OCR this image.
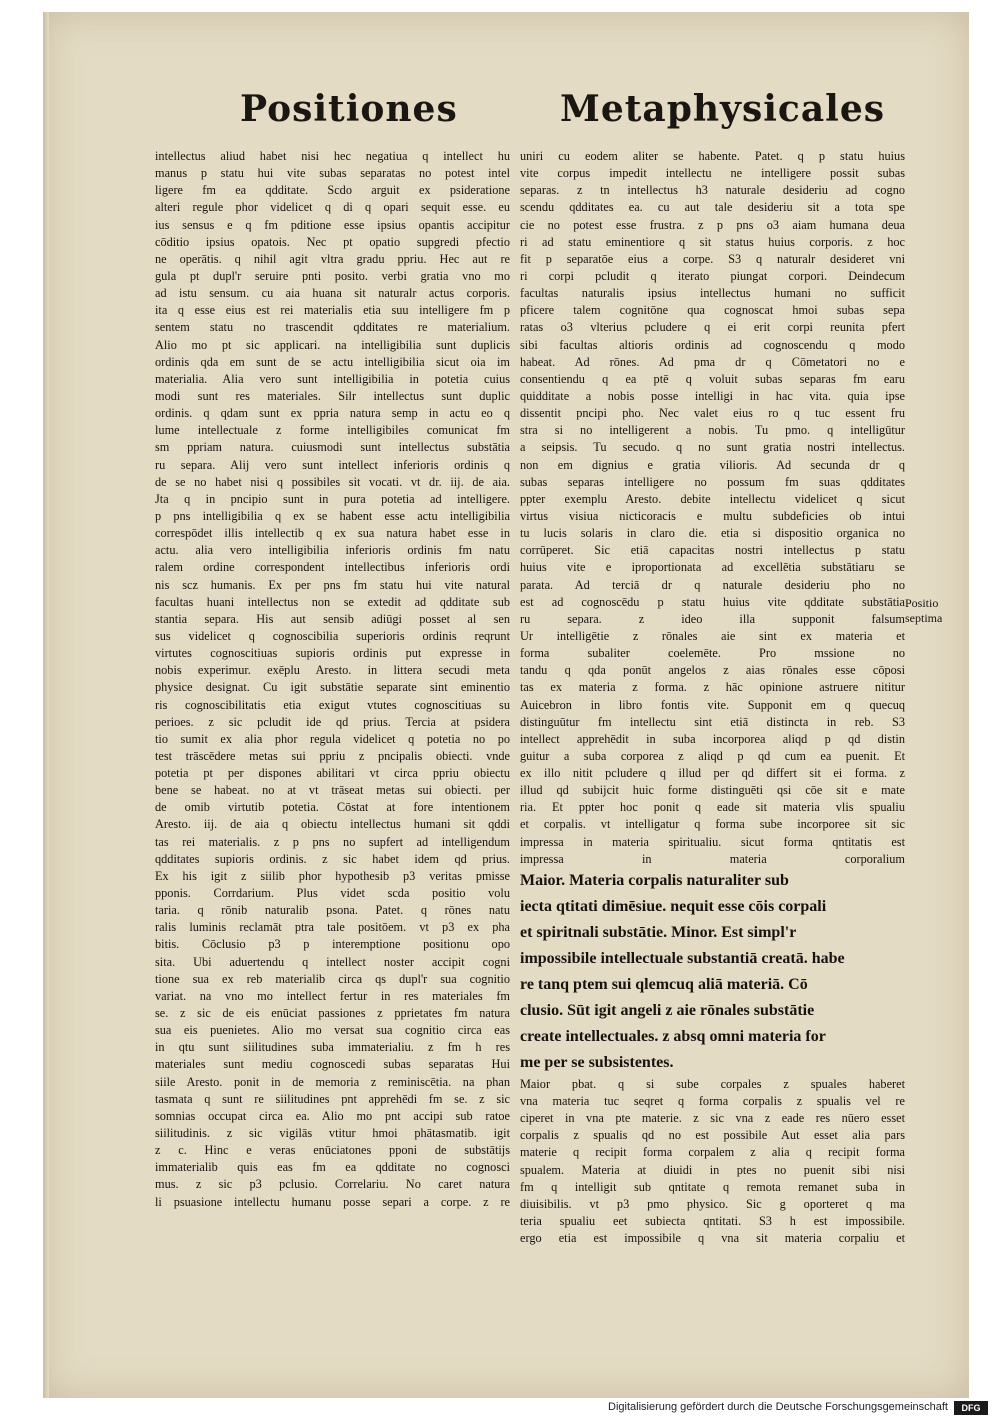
Positiones	Metaphysicales
intellectus aliud habet nisi hec negatiua q intellect hu
manus p statu hui vite subas separatas no potest intel
ligere fm ea qdditate. Scdo arguit ex psideratione
alteri regule phor videlicet q di q opari sequit esse. eu
ius sensus e q fm pditione esse ipsius opantis accipitur
cōditio ipsius opatois. Nec pt opatio supgredi pfectio
ne operātis. q nihil agit vltra gradu ppriu. Hec aut re
gula pt dupl'r seruire pnti posito. verbi gratia vno mo
ad istu sensum. cu aia huana sit naturalr actus corporis.
ita q esse eius est rei materialis etia suu intelligere fm p
sentem statu no trascendit qdditates re materialium.
Alio mo pt sic applicari. na intelligibilia sunt duplicis
ordinis qda em sunt de se actu intelligibilia sicut oia im
materialia. Alia vero sunt intelligibilia in potetia cuius
modi sunt res materiales. Silr intellectus sunt duplic
ordinis. q qdam sunt ex ppria natura semp in actu eo q
lume intellectuale z forme intelligibiles comunicat fm
sm ppriam natura. cuiusmodi sunt intellectus substātia
ru separa. Alij vero sunt intellect inferioris ordinis q
de se no habet nisi q possibiles sit vocati. vt dr. iij. de aia.
Jta q in pncipio sunt in pura potetia ad intelligere.
p pns intelligibilia q ex se habent esse actu intelligibilia
correspōdet illis intellectib q ex sua natura habet esse in
actu. alia vero intelligibilia inferioris ordinis fm natu
ralem ordine correspondent intellectibus inferioris ordi
nis scz humanis. Ex per pns fm statu hui vite natural
facultas huani intellectus non se extedit ad qdditate sub
stantia separa. His aut sensib adiūgi posset al sen
sus videlicet q cognoscibilia superioris ordinis reqrunt
virtutes cognoscitiuas supioris ordinis put expresse in
nobis experimur. exēplu Aresto. in littera secudi meta
physice designat. Cu igit substātie separate sint eminentio
ris cognoscibilitatis etia exigut vtutes cognoscitiuas su
perioes. z sic pcludit ide qd prius. Tercia at psidera
tio sumit ex alia phor regula videlicet q potetia no po
test trāscēdere metas sui ppriu z pncipalis obiecti. vnde
potetia pt per dispones abilitari vt circa ppriu obiectu
bene se habeat. no at vt trāseat metas sui obiecti. per
de omib virtutib potetia. Cōstat at fore intentionem
Aresto. iij. de aia q obiectu intellectus humani sit qddi
tas rei materialis. z p pns no supfert ad intelligendum
qdditates supioris ordinis. z sic habet idem qd prius.
Ex his igit z siilib phor hypothesib p3 veritas pmisse
pponis. Corrdarium. Plus videt scda positio volu
taria. q rōnib naturalib psona. Patet. q rōnes natu
ralis luminis reclamāt ptra tale positōem. vt p3 ex pha
bitis. Cōclusio p3 p interemptione positionu opo
sita. Ubi aduertendu q intellect noster accipit cogni
tione sua ex reb materialib circa qs dupl'r sua cognitio
variat. na vno mo intellect fertur in res materiales fm
se. z sic de eis enūciat passiones z pprietates fm natura
sua eis puenietes. Alio mo versat sua cognitio circa eas
in qtu sunt siilitudines suba immaterialiu. z fm h res
materiales sunt mediu cognoscedi subas separatas Hui
siile Aresto. ponit in de memoria z reminiscētia. na phan
tasmata q sunt re siilitudines pnt apprehēdi fm se. z sic
somnias occupat circa ea. Alio mo pnt accipi sub ratoe
siilitudinis. z sic vigilās vtitur hmoi phātasmatib. igit
z c. Hinc e veras enūciatones pponi de substātijs
immaterialib quis eas fm ea qdditate no cognosci
mus. z sic p3 pclusio. Correlariu. No caret natura
li psuasione intellectu humanu posse separi a corpe. z re
uniri cu eodem aliter se habente. Patet. q p statu huius
vite corpus impedit intellectu ne intelligere possit subas
separas. z tn intellectus h3 naturale desideriu ad cogno
scendu qdditates ea. cu aut tale desideriu sit a tota spe
cie no potest esse frustra. z p pns o3 aiam humana deua
ri ad statu eminentiore q sit status huius corporis. z hoc
fit p separatōe eius a corpe. S3 q naturalr desideret vni
ri corpi pcludit q iterato piungat corpori. Deindecum
facultas naturalis ipsius intellectus humani no sufficit
pficere talem cognitōne qua cognoscat hmoi subas sepa
ratas o3 vlterius pcludere q ei erit corpi reunita pfert
sibi facultas altioris ordinis ad cognoscendu q modo
habeat. Ad rōnes. Ad pma dr q Cōmetatori no e
consentiendu q ea ptē q voluit subas separas fm earu
quidditate a nobis posse intelligi in hac vita. quia ipse
dissentit pncipi pho. Nec valet eius ro q tuc essent fru
stra si no intelligerent a nobis. Tu pmo. q intelligūtur
a seipsis. Tu secudo. q no sunt gratia nostri intellectus.
non em dignius e gratia vilioris. Ad secunda dr q
subas separas intelligere no possum fm suas qdditates
ppter exemplu Aresto. debite intellectu videlicet q sicut
virtus visiua nicticoracis e multu subdeficies ob intui
tu lucis solaris in claro die. etia si dispositio organica no
corrūperet. Sic etiā capacitas nostri intellectus p statu
huius vite e iproportionata ad excellētia substātiaru se
parata. Ad terciā dr q naturale desideriu pho no
est ad cognoscēdu p statu huius vite qdditate substātia
ru separa. z ideo illa supponit falsum
Ur intelligētie z rōnales aie sint ex materia et
forma subaliter coelemēte. Pro mssione no
tandu q qda ponūt angelos z aias rōnales esse cōposi
tas ex materia z forma. z hāc opinione astruere nititur
Auicebron in libro fontis vite. Supponit em q quecuq
distinguūtur fm intellectu sint etiā distincta in reb. S3
intellect apprehēdit in suba incorporea aliqd p qd distin
guitur a suba corporea z aliqd p qd cum ea puenit. Et
ex illo nitit pcludere q illud per qd differt sit ei forma. z
illud qd subijcit huic forme distinguēti qsi cōe sit e mate
ria. Et ppter hoc ponit q eade sit materia vlis spualiu
et corpalis. vt intelligatur q forma sube incorporee sit sic
impressa in materia spiritualiu. sicut forma qntitatis est
impressa in materia corporalium
Maior. Materia corpalis naturaliter sub
iecta qtitati dimēsiue. nequit esse cōis corpali
et spiritnali substātie. Minor. Est simpl'r
impossibile intellectuale substantiā creatā. habe
re tanq ptem sui qlemcuq aliā materiā. Cō
clusio. Sūt igit angeli z aie rōnales substātie
create intellectuales. z absq omni materia for
me per se subsistentes.
Maior pbat. q si sube corpales z spuales haberet
vna materia tuc seqret q forma corpalis z spualis vel re
ciperet in vna pte materie. z sic vna z eade res nūero esset
corpalis z spualis qd no est possibile Aut esset alia pars
materie q recipit forma corpalem z alia q recipit forma
spualem. Materia at diuidi in ptes no puenit sibi nisi
fm q intelligit sub qntitate q remota remanet suba in
diuisibilis. vt p3 pmo physico. Sic g oporteret q ma
teria spualiu eet subiecta qntitati. S3 h est impossibile.
ergo etia est impossibile q vna sit materia corpaliu et
Positio septima
Digitalisierung gefördert durch die Deutsche Forschungsgemeinschaft	DFG
